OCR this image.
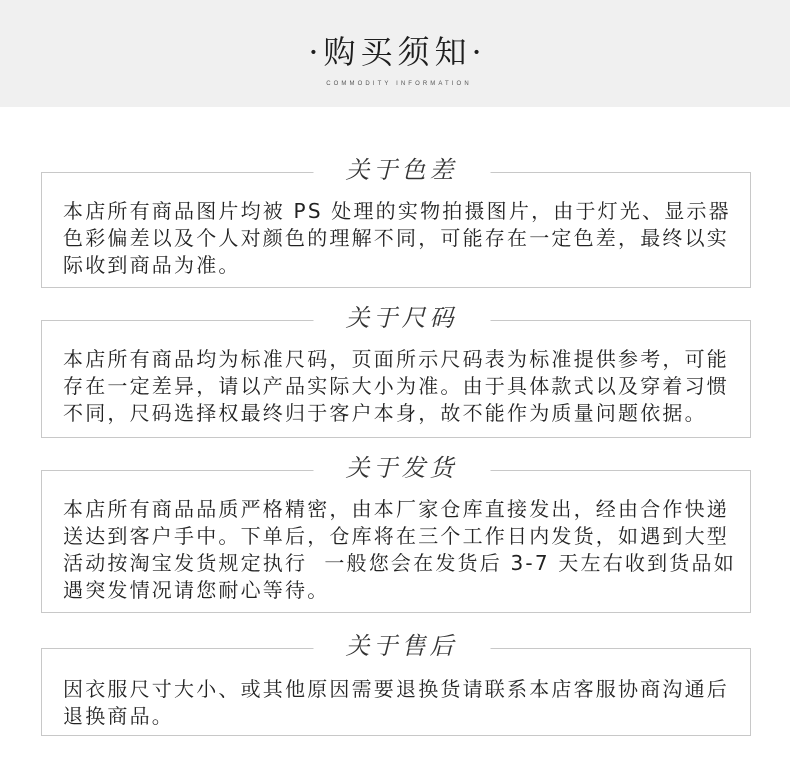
·购买须知·
COMMODITY INFORMATION
关于色差
本店所有商品图片均被 PS 处理的实物拍摄图片，由于灯光、显示器
色彩偏差以及个人对颜色的理解不同，可能存在一定色差，最终以实
际收到商品为准。
关于尺码
本店所有商品均为标准尺码，页面所示尺码表为标准提供参考，可能
存在一定差异，请以产品实际大小为准。由于具体款式以及穿着习惯
不同，尺码选择权最终归于客户本身，故不能作为质量问题依据。
关于发货
本店所有商品品质严格精密，由本厂家仓库直接发出，经由合作快递
送达到客户手中。下单后，仓库将在三个工作日内发货，如遇到大型
活动按淘宝发货规定执行  一般您会在发货后 3-7 天左右收到货品如
遇突发情况请您耐心等待。
关于售后
因衣服尺寸大小、或其他原因需要退换货请联系本店客服协商沟通后
退换商品。
